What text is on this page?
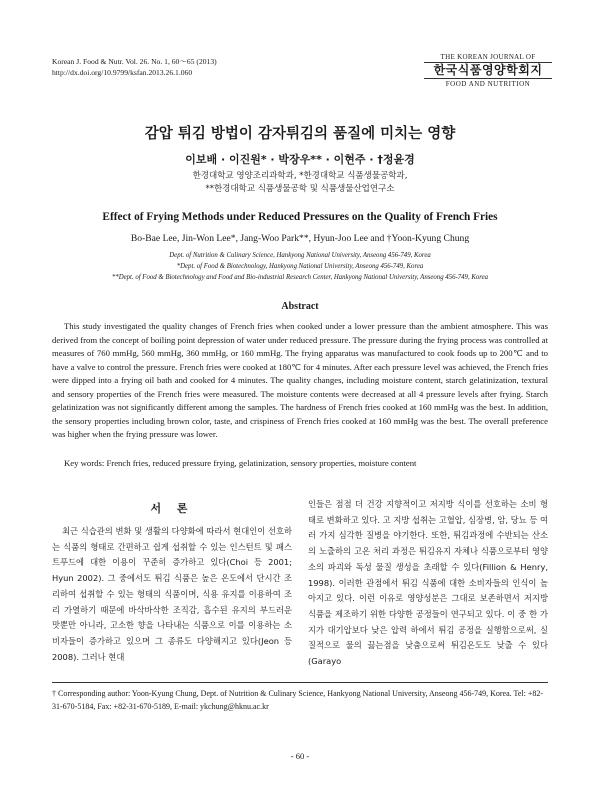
Korean J. Food & Nutr. Vol. 26. No. 1, 60～65 (2013)
http://dx.doi.org/10.9799/ksfan.2013.26.1.060
THE KOREAN JOURNAL OF
한국식품영양학회지
FOOD AND NUTRITION
감압 튀김 방법이 감자튀김의 품질에 미치는 영향
이보배 · 이진원* · 박장우** · 이현주 · †정윤경
한경대학교 영양조리과학과, *한경대학교 식품생물공학과,
**한경대학교 식품생물공학 및 식품생물산업연구소
Effect of Frying Methods under Reduced Pressures on the Quality of French Fries
Bo-Bae Lee, Jin-Won Lee*, Jang-Woo Park**, Hyun-Joo Lee and †Yoon-Kyung Chung
Dept. of Nutrition & Culinary Science, Hankyong National University, Anseong 456-749, Korea
*Dept. of Food & Biotechnology, Hankyong National University, Anseong 456-749, Korea
**Dept. of Food & Biotechnology and Food and Bio-industrial Research Center, Hankyong National University, Anseong 456-749, Korea
Abstract

This study investigated the quality changes of French fries when cooked under a lower pressure than the ambient atmosphere. This was derived from the concept of boiling point depression of water under reduced pressure. The pressure during the frying process was controlled at measures of 760 mmHg, 560 mmHg, 360 mmHg, or 160 mmHg. The frying apparatus was manufactured to cook foods up to 200℃ and to have a valve to control the pressure. French fries were cooked at 180℃ for 4 minutes. After each pressure level was achieved, the French fries were dipped into a frying oil bath and cooked for 4 minutes. The quality changes, including moisture content, starch gelatinization, textural and sensory properties of the French fries were measured. The moisture contents were decreased at all 4 pressure levels after frying. Starch gelatinization was not significantly different among the samples. The hardness of French fries cooked at 160 mmHg was the best. In addition, the sensory properties including brown color, taste, and crispiness of French fries cooked at 160 mmHg was the best. The overall preference was higher when the frying pressure was lower.

Key words: French fries, reduced pressure frying, gelatinization, sensory properties, moisture content
서 론

최근 식습관의 변화 및 생활의 다양화에 따라서 현대인이 선호하는 식품의 형태로 간편하고 쉽게 섭취할 수 있는 인스턴트 및 패스트푸드에 대한 이용이 꾸준히 증가하고 있다(Choi 등 2001; Hyun 2002). 그 중에서도 튀김 식품은 높은 온도에서 단시간 조리하여 섭취할 수 있는 형태의 식품이며, 식용 유지를 이용하여 조리 가열하기 때문에 바삭바삭한 조직감, 흡수된 유지의 부드러운 맛뿐만 아니라, 고소한 향을 나타내는 식품으로 이를 이용하는 소비자들이 증가하고 있으며 그 종류도 다양해지고 있다(Jeon 등 2008). 그러나 현대

인들은 점점 더 건강 지향적이고 저지방 식이를 선호하는 소비 형태로 변화하고 있다. 고 지방 섭취는 고혈압, 심장병, 암, 당뇨 등 여러 가지 심각한 질병을 야기한다. 또한, 튀김과정에 수반되는 산소의 노출하의 고온 처리 과정은 튀김유지 자체나 식품으로부터 영양소의 파괴와 독성 물질 생성을 초래할 수 있다(Fillion & Henry, 1998). 이러한 관점에서 튀김 식품에 대한 소비자들의 인식이 높아지고 있다. 이런 이유로 영양성분은 그대로 보존하면서 저지방 식품을 제조하기 위한 다양한 공정들이 연구되고 있다. 이 중 한 가지가 대기압보다 낮은 압력 하에서 튀김 공정을 실행함으로써, 실질적으로 물의 끓는점을 낮춤으로써 튀김온도도 낮출 수 있다(Garayo

† Corresponding author: Yoon-Kyung Chung, Dept. of Nutrition & Culinary Science, Hankyong National University, Anseong 456-749, Korea. Tel: +82-31-670-5184, Fax: +82-31-670-5189, E-mail: ykchung@hknu.ac.kr

- 60 -
